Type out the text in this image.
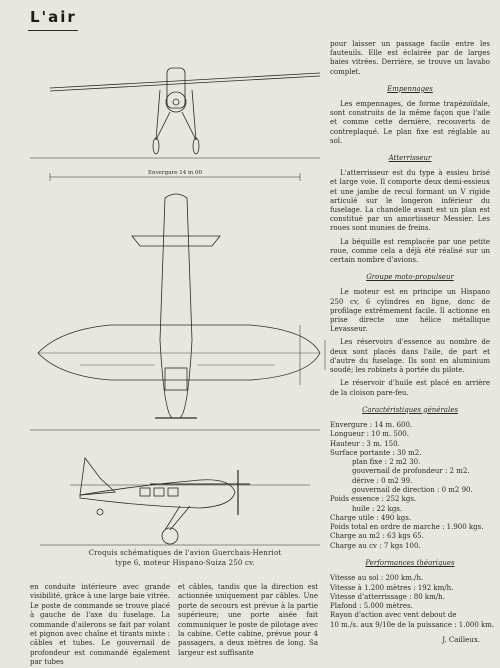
L'air
Envergure 14 m 00
Croquis schématiques de l'avion Guerchais-Henriot
type 6, moteur Hispano-Suiza 250 cv.

pour laisser un passage facile entre les fauteuils. Elle est éclairée par de larges baies vitrées. Derrière, se trouve un lavabo complet.

Empennages

Les empennages, de forme trapézoïdale, sont construits de la même façon que l'aile et comme cette dernière, recouverts de contreplaqué. Le plan fixe est réglable au sol.

Atterrisseur

L'atterrisseur est du type à essieu brisé et large voie. Il comporte deux demi-essieux et une jambe de recul formant un V rigide articulé sur le longeron inférieur du fuselage. La chandelle avant est un plan est constitué par un amortisseur Messier. Les roues sont munies de freins.

La béquille est remplacée par une petite roue, comme cela a déjà été réalisé sur un certain nombre d'avions.

Groupe moto-propulseur

Le moteur est en principe un Hispano 250 cv, 6 cylindres en ligne, donc de profilage extrêmement facile. Il actionne en prise directe une hélice métallique Levasseur.

Les réservoirs d'essence au nombre de deux sont placés dans l'aile, de part et d'autre du fuselage. Ils sont en aluminium soudé; les robinets à portée du pilote.

Le réservoir d'huile est placé en arrière de la cloison pare-feu.

Caractéristiques générales
Envergure : 14 m. 600.
Longueur : 10 m. 500.
Hauteur : 3 m. 150.
Surface portante : 30 m2.
plan fixe : 2 m2 30.
gouvernail de profondeur : 2 m2.
dérive : 0 m2 99.
gouvernail de direction : 0 m2 90.
Poids essence : 252 kgs.
huile : 22 kgs.
Charge utile : 490 kgs.
Poids total en ordre de marche : 1.900 kgs.
Charge au m2 : 63 kgs 65.
Charge au cv : 7 kgs 100.
Performances théoriques
Vitesse au sol : 200 km./h.
Vitesse à 1.200 mètres : 192 km/h.
Vitesse d'atterrissage : 80 km/h.
Plafond : 5.000 mètres.
Rayon d'action avec vent debout de
10 m./s. aux 9/10e de la puissance : 1.000 km.
J. Cailleux.
en conduite intérieure avec grande visibilité, grâce à une large baie vitrée. Le poste de commande se trouve placé à gauche de l'axe du fuselage. La commande d'ailerons se fait par volant et pignon avec chaîne et tirants mixte : câbles et tubes. Le gouvernail de profondeur est commandé également par tubes
et câbles, tandis que la direction est actionnée uniquement par câbles. Une porte de secours est prévue à la partie supérieure; une porte aisée fait communiquer le poste de pilotage avec la cabine. Cette cabine, prévue pour 4 passagers, a deux mètres de long. Sa largeur est suffisante
